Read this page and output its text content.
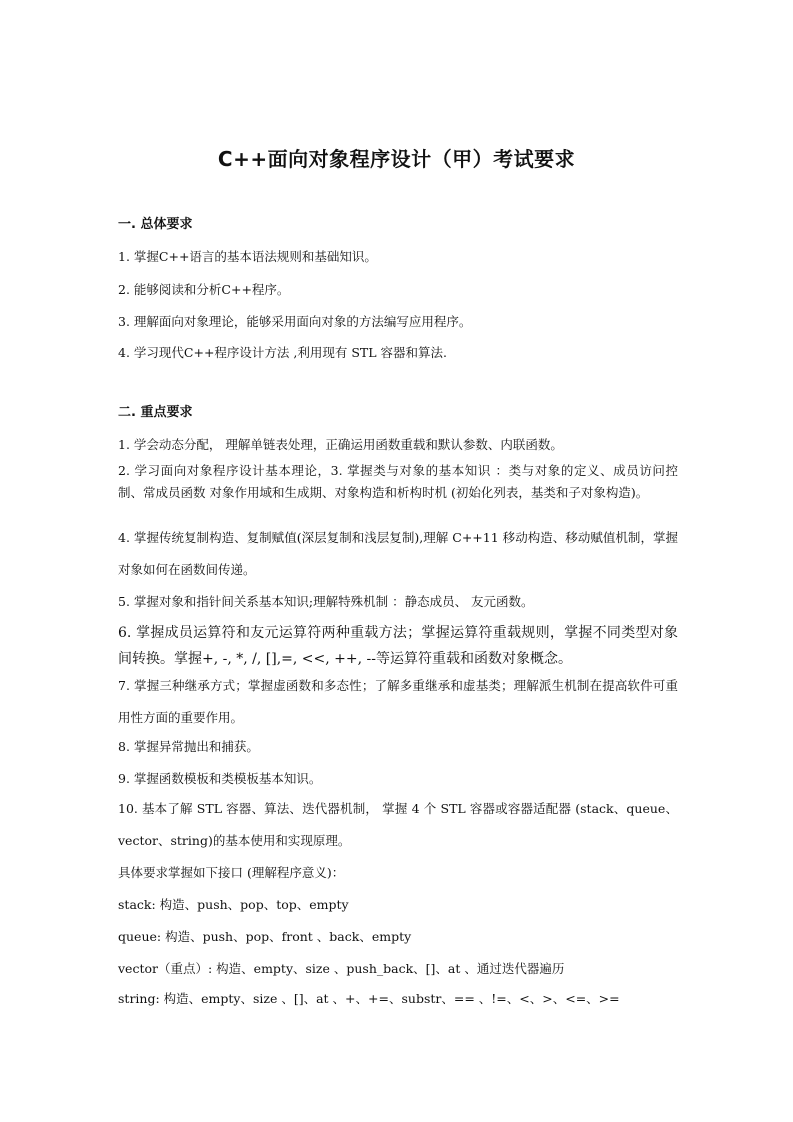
C++面向对象程序设计（甲）考试要求
一. 总体要求
1. 掌握C++语言的基本语法规则和基础知识。
2. 能够阅读和分析C++程序。
3. 理解面向对象理论，能够采用面向对象的方法编写应用程序。
4. 学习现代C++程序设计方法 ,利用现有 STL 容器和算法.
二. 重点要求
1. 学会动态分配， 理解单链表处理，正确运用函数重载和默认参数、内联函数。
2. 学习面向对象程序设计基本理论，3. 掌握类与对象的基本知识 ：类与对象的定义、成员访问控制、常成员函数 对象作用域和生成期、对象构造和析构时机 (初始化列表，基类和子对象构造)。
4. 掌握传统复制构造、复制赋值(深层复制和浅层复制),理解 C++11 移动构造、移动赋值机制，掌握对象如何在函数间传递。
5. 掌握对象和指针间关系基本知识;理解特殊机制 ：静态成员、 友元函数。
6. 掌握成员运算符和友元运算符两种重载方法；掌握运算符重载规则，掌握不同类型对象间转换。掌握+, -, *, /, [],=, <<, ++, --等运算符重载和函数对象概念。
7. 掌握三种继承方式；掌握虚函数和多态性；了解多重继承和虚基类；理解派生机制在提高软件可重用性方面的重要作用。
8. 掌握异常抛出和捕获。
9. 掌握函数模板和类模板基本知识。
10. 基本了解 STL 容器、算法、迭代器机制， 掌握 4 个 STL 容器或容器适配器 (stack、queue、vector、string)的基本使用和实现原理。
具体要求掌握如下接口 (理解程序意义)：
stack: 构造、push、pop、top、empty
queue: 构造、push、pop、front 、back、empty
vector（重点）: 构造、empty、size 、push_back、[]、at 、通过迭代器遍历
string: 构造、empty、size 、[]、at 、+、+=、substr、== 、!=、<、>、<=、>=
